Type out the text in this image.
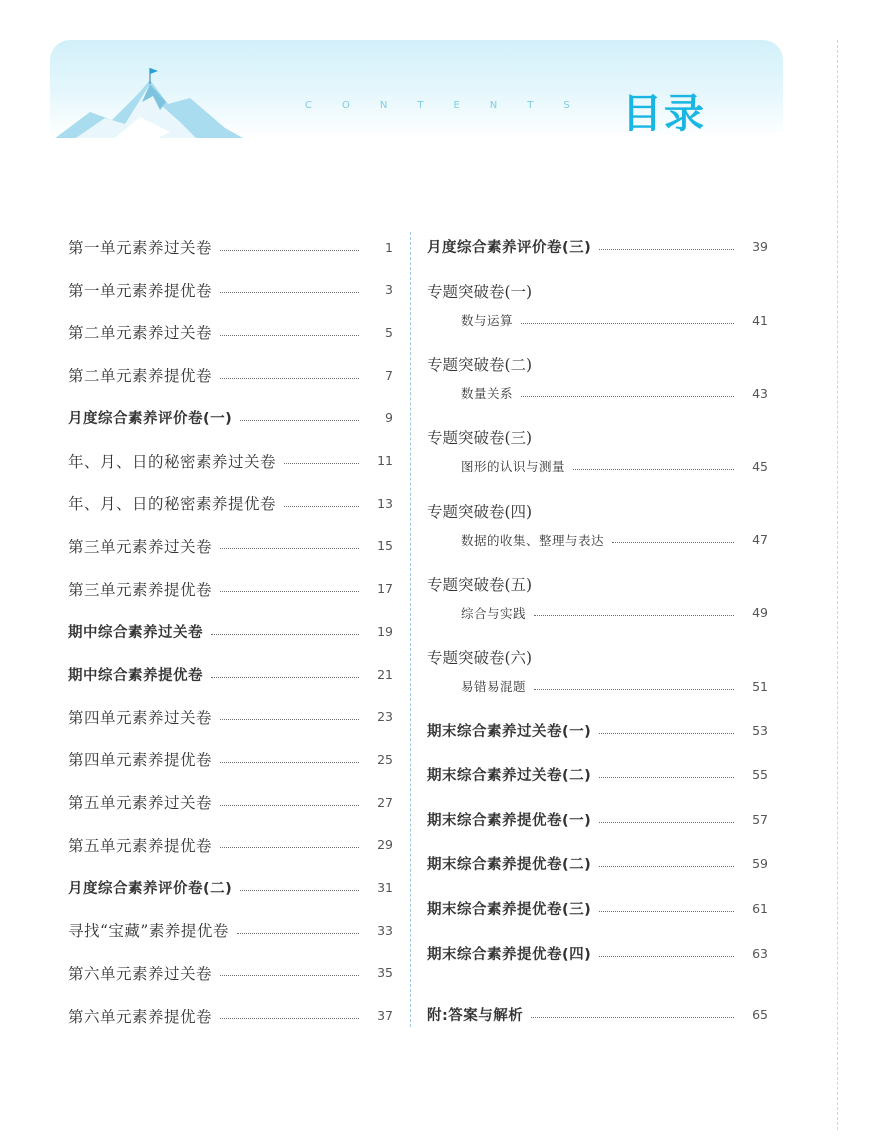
CONTENTS 目录
第一单元素养过关卷	1
第一单元素养提优卷	3
第二单元素养过关卷	5
第二单元素养提优卷	7
月度综合素养评价卷(一)	9
年、月、日的秘密素养过关卷	11
年、月、日的秘密素养提优卷	13
第三单元素养过关卷	15
第三单元素养提优卷	17
期中综合素养过关卷	19
期中综合素养提优卷	21
第四单元素养过关卷	23
第四单元素养提优卷	25
第五单元素养过关卷	27
第五单元素养提优卷	29
月度综合素养评价卷(二)	31
寻找“宝藏”素养提优卷	33
第六单元素养过关卷	35
第六单元素养提优卷	37
月度综合素养评价卷(三)	39
专题突破卷(一)
数与运算	41
专题突破卷(二)
数量关系	43
专题突破卷(三)
图形的认识与测量	45
专题突破卷(四)
数据的收集、整理与表达	47
专题突破卷(五)
综合与实践	49
专题突破卷(六)
易错易混题	51
期末综合素养过关卷(一)	53
期末综合素养过关卷(二)	55
期末综合素养提优卷(一)	57
期末综合素养提优卷(二)	59
期末综合素养提优卷(三)	61
期末综合素养提优卷(四)	63
附:答案与解析	65
